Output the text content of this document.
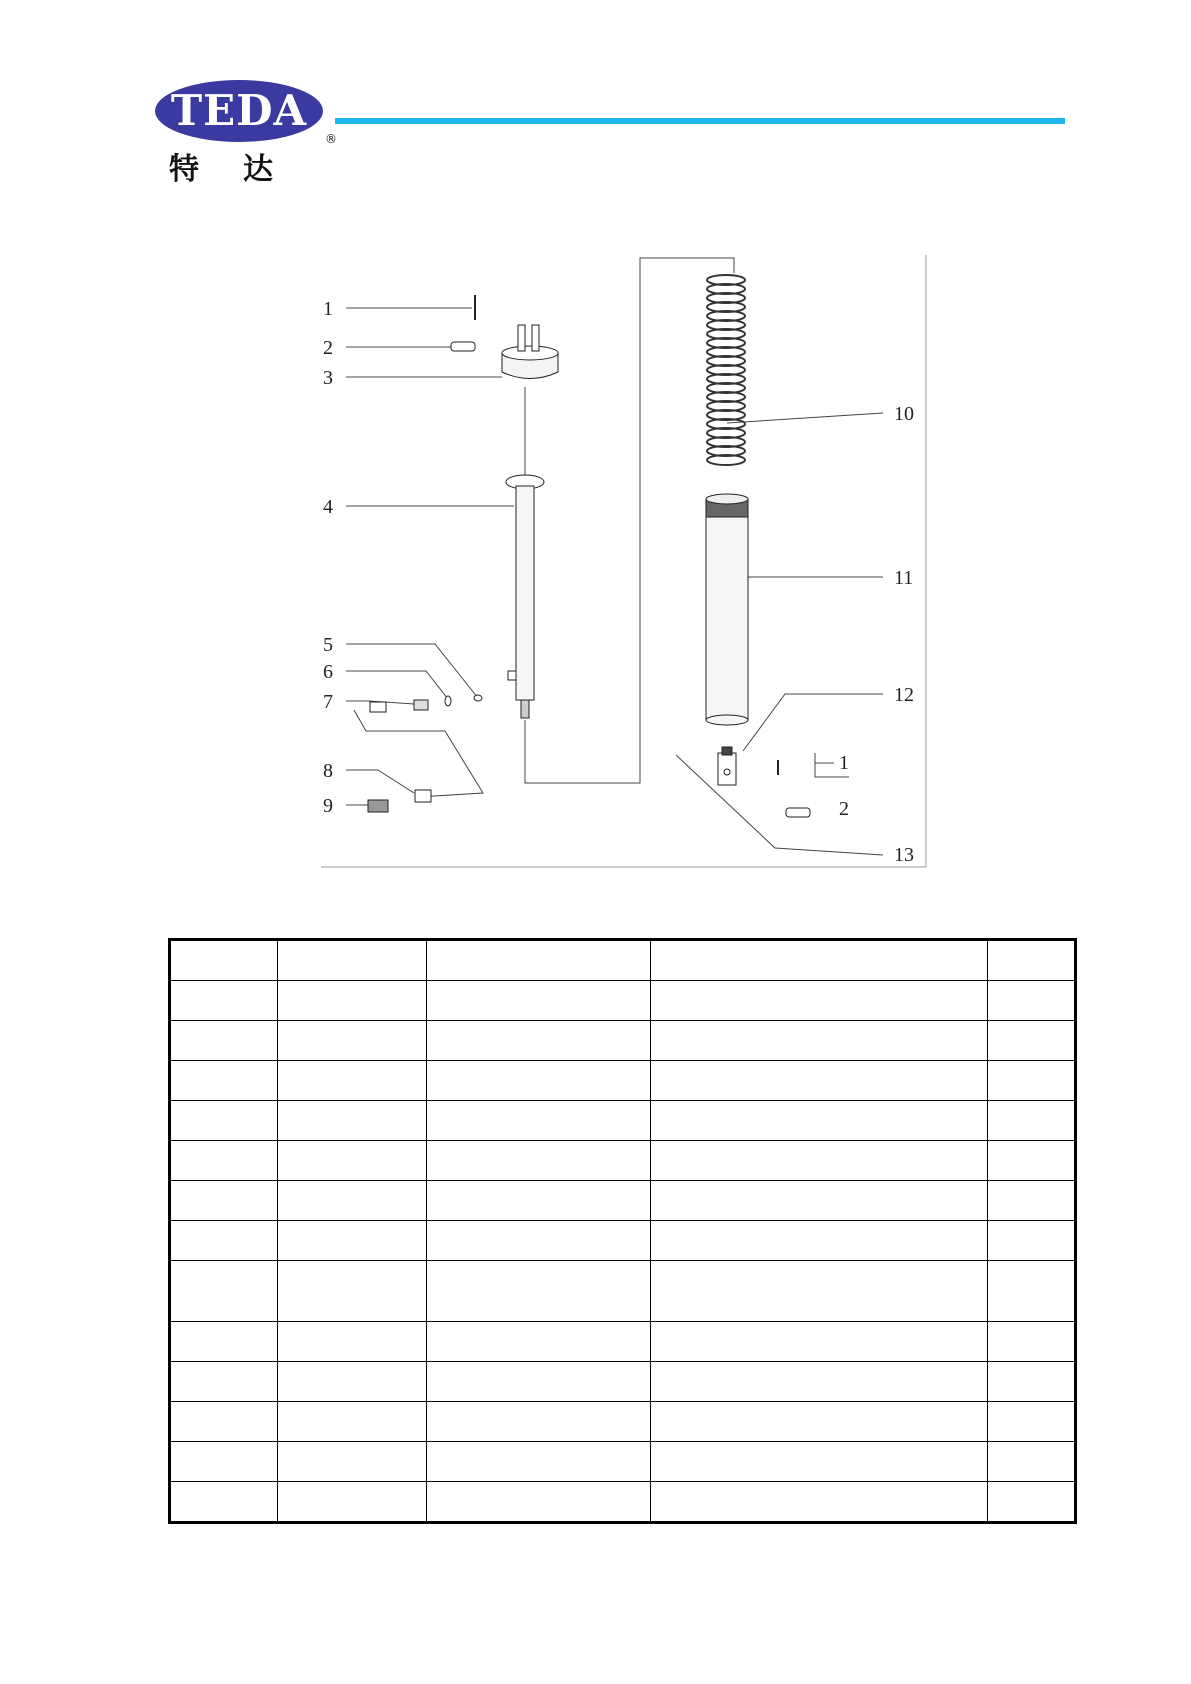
TEDA
特达
®
1
2
3
4
5
6
7
8
9
10
11
12
1
2
13
